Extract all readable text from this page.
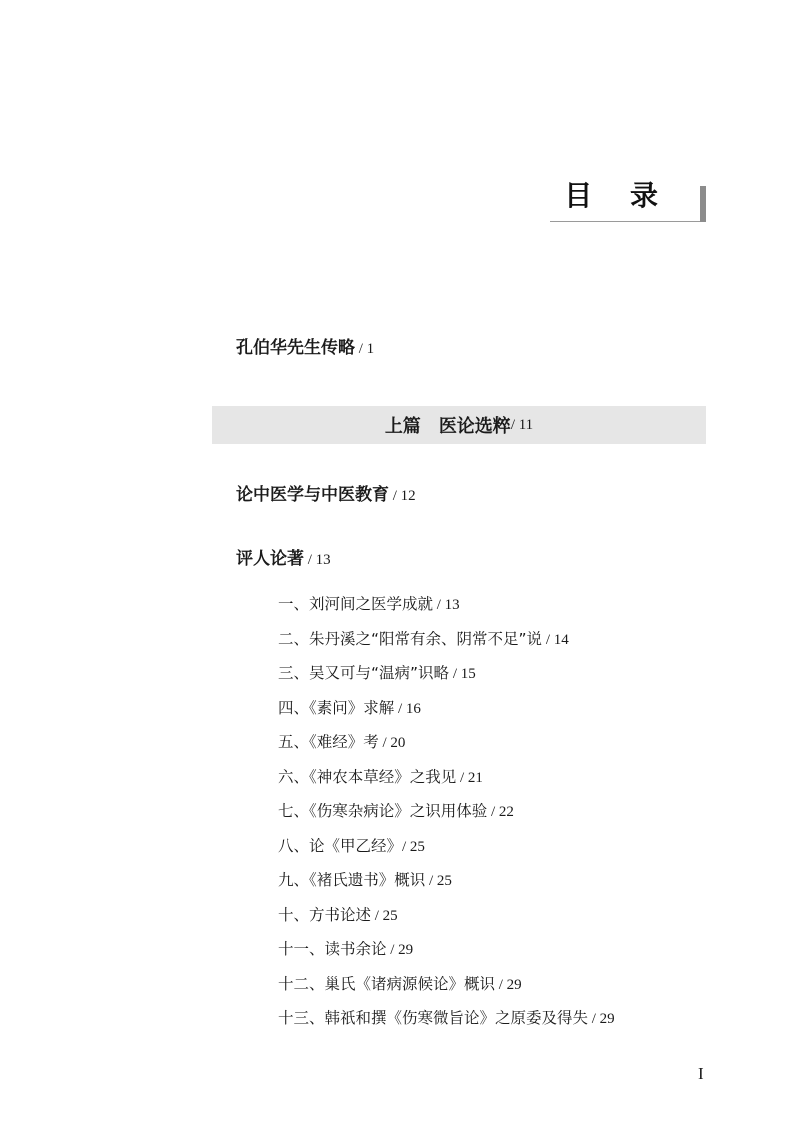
目 录
孔伯华先生传略 / 1
上篇 医论选粹 / 11
论中医学与中医教育 / 12
评人论著 / 13
一、刘河间之医学成就 / 13
二、朱丹溪之“阳常有余、阴常不足”说 / 14
三、吴又可与“温病”识略 / 15
四、《素问》求解 / 16
五、《难经》考 / 20
六、《神农本草经》之我见 / 21
七、《伤寒杂病论》之识用体验 / 22
八、论《甲乙经》/ 25
九、《褚氏遗书》概识 / 25
十、方书论述 / 25
十一、读书余论 / 29
十二、巢氏《诸病源候论》概识 / 29
十三、韩祇和撰《伤寒微旨论》之原委及得失 / 29
I
